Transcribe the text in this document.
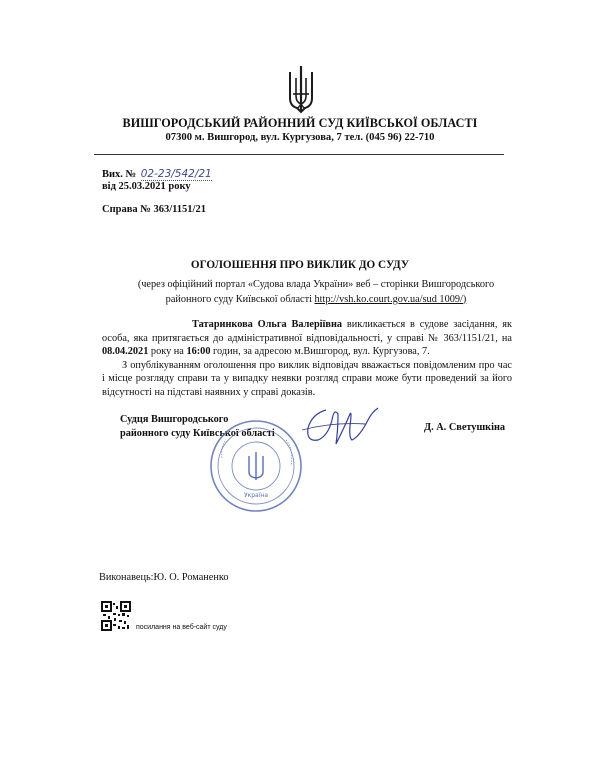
ВИШГОРОДСЬКИЙ РАЙОННИЙ СУД КИЇВСЬКОЇ ОБЛАСТІ
07300 м. Вишгород, вул. Кургузова, 7 тел. (045 96) 22-710
Вих. № 02-23/542/21
від 25.03.2021 року
Справа № 363/1151/21
ОГОЛОШЕННЯ ПРО ВИКЛИК ДО СУДУ
(через офіційний портал «Судова влада України» веб – сторінки Вишгородського районного суду Київської області http://vsh.ko.court.gov.ua/sud 1009/)

Татаринкова Ольга Валеріївна викликається в судове засідання, як особа, яка притягається до адміністративної відповідальності, у справі № 363/1151/21, на 08.04.2021 року на 16:00 годин, за адресою м.Вишгород, вул. Кургузова, 7.

З опублікуванням оголошення про виклик відповідач вважається повідомленим про час і місце розгляду справи та у випадку неявки розгляд справи може бути проведений за його відсутності на підставі наявних у справі доказів.

Судця Вишгородського
районного суду Київської області
Україна
Д. А. Светушкіна
Виконавець:Ю. О. Романенко
посилання на веб-сайт суду
